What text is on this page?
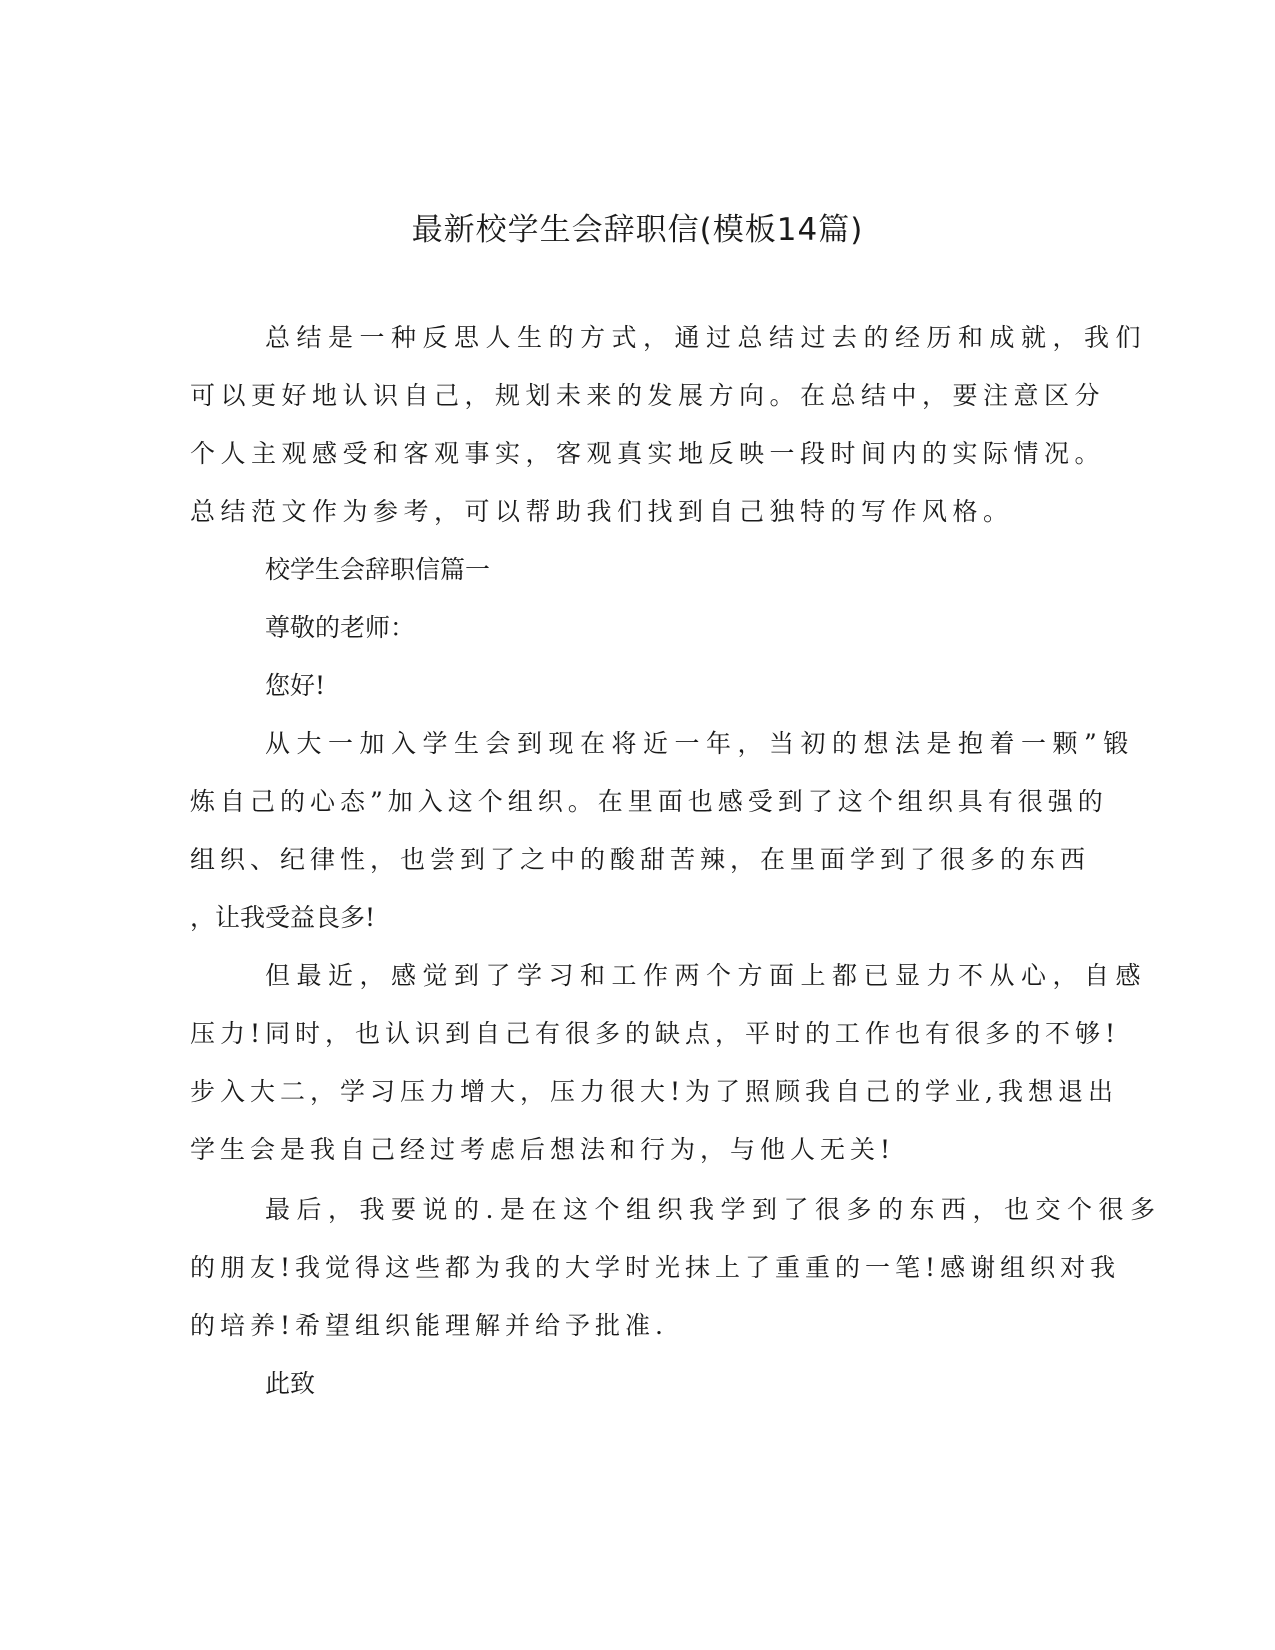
最新校学生会辞职信(模板14篇)
总结是一种反思人生的方式，通过总结过去的经历和成就，我们
可以更好地认识自己，规划未来的发展方向。在总结中，要注意区分
个人主观感受和客观事实，客观真实地反映一段时间内的实际情况。
总结范文作为参考，可以帮助我们找到自己独特的写作风格。
校学生会辞职信篇一
尊敬的老师：
您好!
从大一加入学生会到现在将近一年，当初的想法是抱着一颗”锻
炼自己的心态”加入这个组织。在里面也感受到了这个组织具有很强的
组织、纪律性，也尝到了之中的酸甜苦辣，在里面学到了很多的东西
，让我受益良多!
但最近，感觉到了学习和工作两个方面上都已显力不从心，自感
压力!同时，也认识到自己有很多的缺点，平时的工作也有很多的不够!
步入大二，学习压力增大，压力很大!为了照顾我自己的学业,我想退出
学生会是我自己经过考虑后想法和行为，与他人无关!
最后，我要说的.是在这个组织我学到了很多的东西，也交个很多
的朋友!我觉得这些都为我的大学时光抹上了重重的一笔!感谢组织对我
的培养!希望组织能理解并给予批准.
此致
